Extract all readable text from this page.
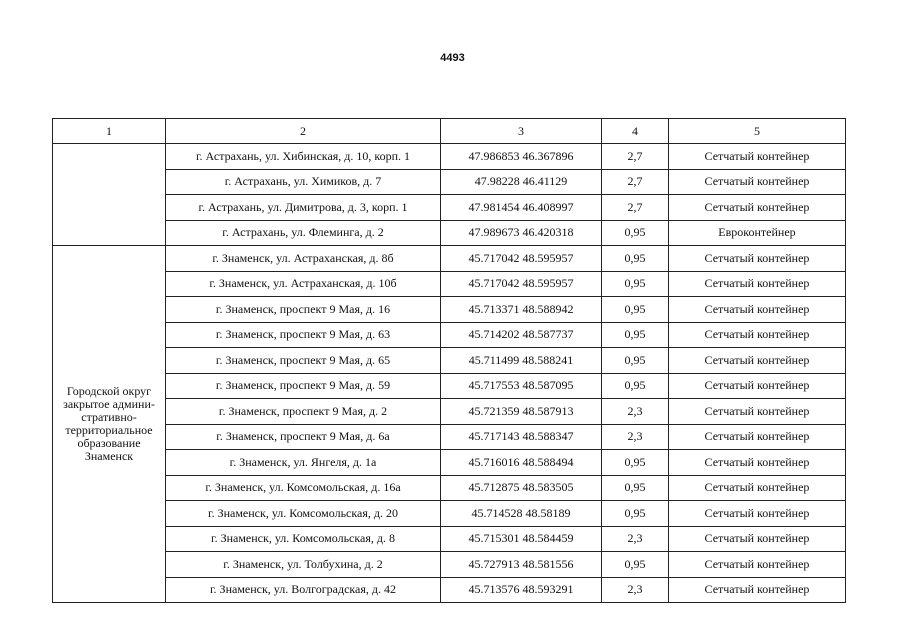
4493
1	2	3	4	5
	г. Астрахань, ул. Хибинская, д. 10, корп. 1	47.986853 46.367896	2,7	Сетчатый контейнер
	г. Астрахань, ул. Химиков, д. 7	47.98228 46.41129	2,7	Сетчатый контейнер
	г. Астрахань, ул. Димитрова, д. 3, корп. 1	47.981454 46.408997	2,7	Сетчатый контейнер
	г. Астрахань, ул. Флеминга, д. 2	47.989673 46.420318	0,95	Евроконтейнер
Городской округ закрытое админи-стративно-территориальное образование Знаменск	г. Знаменск, ул. Астраханская, д. 8б	45.717042 48.595957	0,95	Сетчатый контейнер
	г. Знаменск, ул. Астраханская, д. 10б	45.717042 48.595957	0,95	Сетчатый контейнер
	г. Знаменск, проспект 9 Мая, д. 16	45.713371 48.588942	0,95	Сетчатый контейнер
	г. Знаменск, проспект 9 Мая, д. 63	45.714202 48.587737	0,95	Сетчатый контейнер
	г. Знаменск, проспект 9 Мая, д. 65	45.711499 48.588241	0,95	Сетчатый контейнер
	г. Знаменск, проспект 9 Мая, д. 59	45.717553 48.587095	0,95	Сетчатый контейнер
	г. Знаменск, проспект 9 Мая, д. 2	45.721359 48.587913	2,3	Сетчатый контейнер
	г. Знаменск, проспект 9 Мая, д. 6а	45.717143 48.588347	2,3	Сетчатый контейнер
	г. Знаменск, ул. Янгеля, д. 1а	45.716016 48.588494	0,95	Сетчатый контейнер
	г. Знаменск, ул. Комсомольская, д. 16а	45.712875 48.583505	0,95	Сетчатый контейнер
	г. Знаменск, ул. Комсомольская, д. 20	45.714528 48.58189	0,95	Сетчатый контейнер
	г. Знаменск, ул. Комсомольская, д. 8	45.715301 48.584459	2,3	Сетчатый контейнер
	г. Знаменск, ул. Толбухина, д. 2	45.727913 48.581556	0,95	Сетчатый контейнер
	г. Знаменск, ул. Волгоградская, д. 42	45.713576 48.593291	2,3	Сетчатый контейнер
